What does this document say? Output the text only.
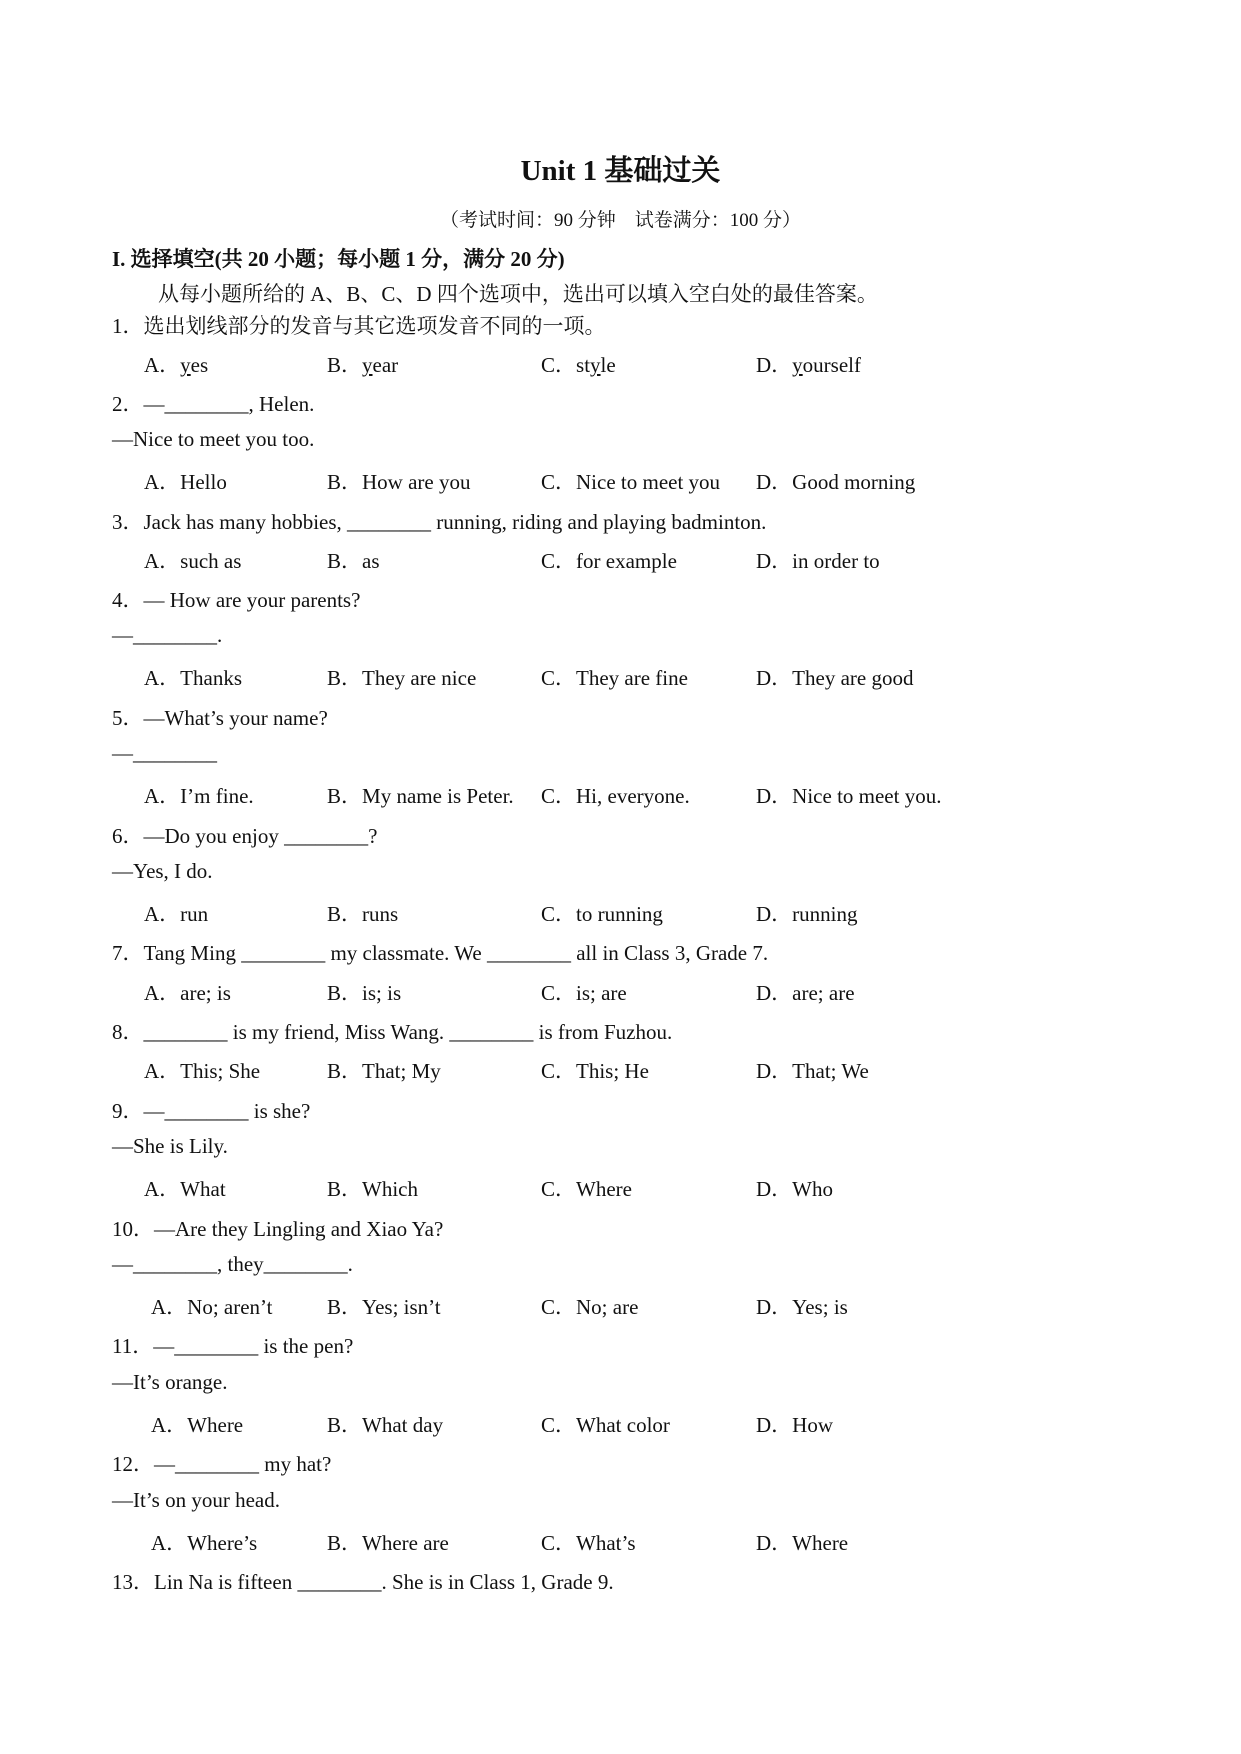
Unit 1 基础过关
（考试时间：90 分钟　试卷满分：100 分）
I. 选择填空(共 20 小题；每小题 1 分，满分 20 分)
从每小题所给的 A、B、C、D 四个选项中，选出可以填入空白处的最佳答案。
1．选出划线部分的发音与其它选项发音不同的一项。
A．yes	B．year	C．style	D．yourself
2．—________, Helen.
—Nice to meet you too.
A．Hello	B．How are you	C．Nice to meet you D．Good morning
3．Jack has many hobbies, ________ running, riding and playing badminton.
A．such as	B．as	C．for example	D．in order to
4．— How are your parents?
—________.
A．Thanks	B．They are nice	C．They are fine	D．They are good
5．—What’s your name?
—________
A．I’m fine.	B．My name is Peter. C．Hi, everyone.	D．Nice to meet you.
6．—Do you enjoy ________?
—Yes, I do.
A．run	B．runs	C．to running	D．running
7．Tang Ming ________ my classmate. We ________ all in Class 3, Grade 7.
A．are; is	B．is; is	C．is; are	D．are; are
8．________ is my friend, Miss Wang. ________ is from Fuzhou.
A．This; She	B．That; My	C．This; He	D．That; We
9．—________ is she?
—She is Lily.
A．What	B．Which	C．Where	D．Who
10．—Are they Lingling and Xiao Ya?
—________, they________.
A．No; aren’t	B．Yes; isn’t	C．No; are	D．Yes; is
11．—________ is the pen?
—It’s orange.
A．Where	B．What day	C．What color	D．How
12．—________ my hat?
—It’s on your head.
A．Where’s	B．Where are	C．What’s	D．Where
13．Lin Na is fifteen ________. She is in Class 1, Grade 9.
